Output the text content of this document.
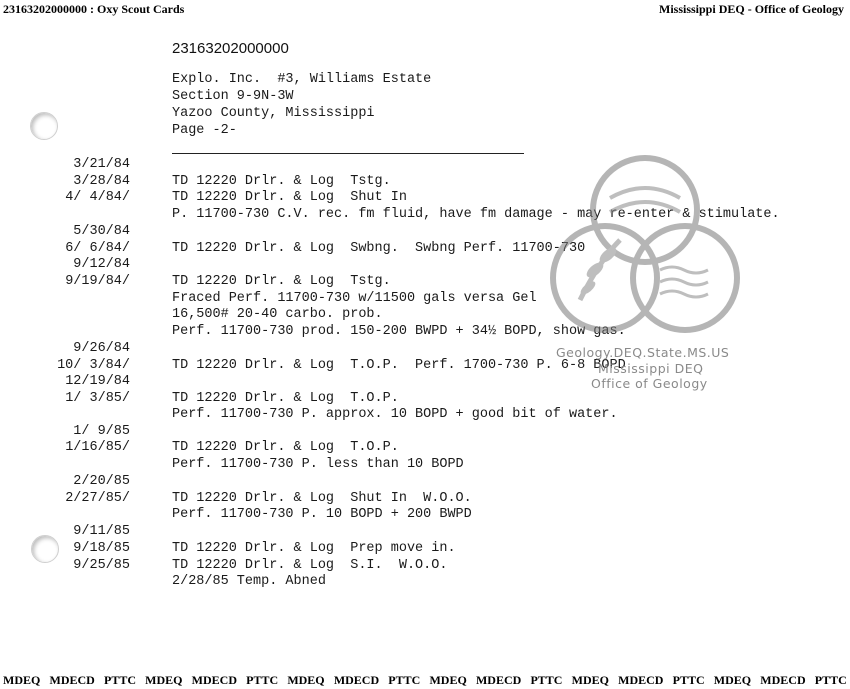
23163202000000 : Oxy Scout Cards	Mississippi DEQ - Office of Geology
23163202000000
Explo. Inc.  #3, Williams Estate
Section 9-9N-3W
Yazoo County, Mississippi
Page -2-
3/21/84
3/28/84
4/ 4/84/
5/30/84
6/ 6/84/
9/12/84
9/19/84/
9/26/84
10/ 3/84/
12/19/84
1/ 3/85/
1/ 9/85
1/16/85/
2/20/85
2/27/85/
9/11/85
9/18/85
9/25/85
TD 12220 Drlr. & Log  Tstg.
TD 12220 Drlr. & Log  Shut In
P. 11700-730 C.V. rec. fm fluid, have fm damage - may re-enter & stimulate.
TD 12220 Drlr. & Log  Swbng.  Swbng Perf. 11700-730
TD 12220 Drlr. & Log  Tstg.
Fraced Perf. 11700-730 w/11500 gals versa Gel
16,500# 20-40 carbo. prob.
Perf. 11700-730 prod. 150-200 BWPD + 34½ BOPD, show gas.
TD 12220 Drlr. & Log  T.O.P.  Perf. 1700-730 P. 6-8 BOPD
TD 12220 Drlr. & Log  T.O.P.
Perf. 11700-730 P. approx. 10 BOPD + good bit of water.
TD 12220 Drlr. & Log  T.O.P.
Perf. 11700-730 P. less than 10 BOPD
TD 12220 Drlr. & Log  Shut In  W.O.O.
Perf. 11700-730 P. 10 BOPD + 200 BWPD
TD 12220 Drlr. & Log  Prep move in.
TD 12220 Drlr. & Log  S.I.  W.O.O.
2/28/85 Temp. Abned
Geology.DEQ.State.MS.US
Mississippi DEQ
Office of Geology
MDEQ MDECD PTTC MDEQ MDECD PTTC MDEQ MDECD PTTC MDEQ MDECD PTTC MDEQ MDECD PTTC MDEQ MDECD PTTC
